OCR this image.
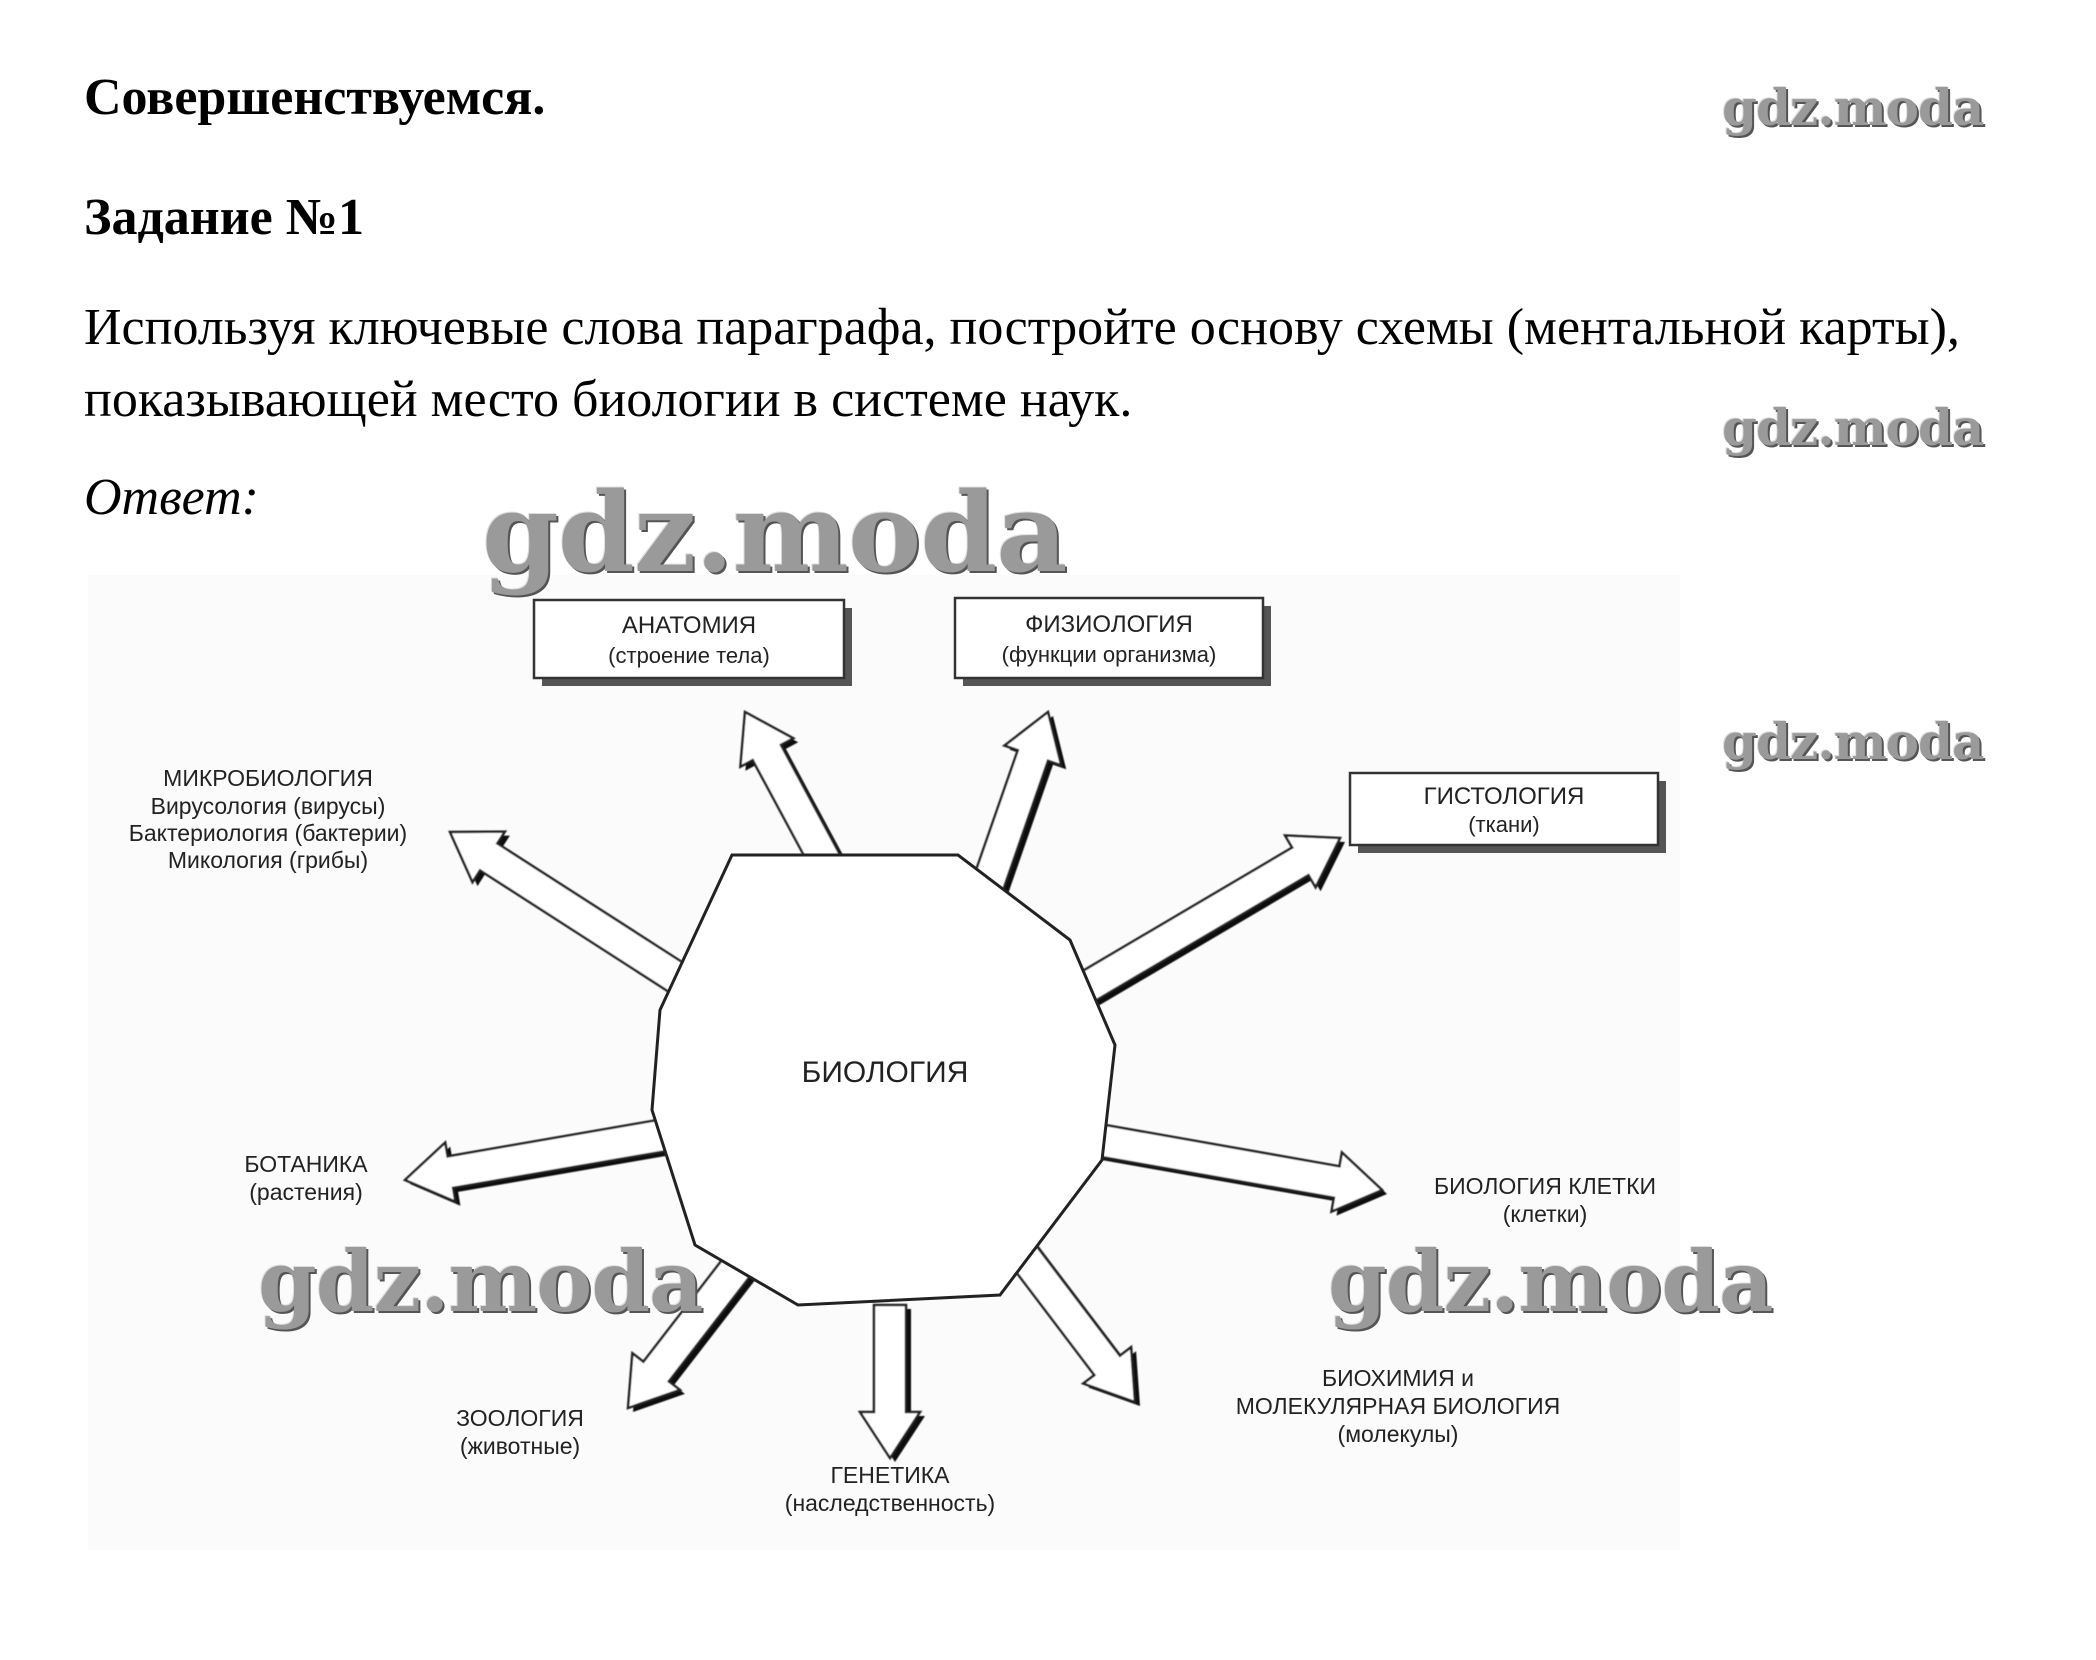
Совершенствуемся.

Задание №1

Используя ключевые слова параграфа, постройте основу схемы (ментальной карты), показывающей место биологии в системе наук.

Ответ:
БИОЛОГИЯ
АНАТОМИЯ
(строение тела)
ФИЗИОЛОГИЯ
(функции организма)
ГИСТОЛОГИЯ
(ткани)
МИКРОБИОЛОГИЯ
Вирусология (вирусы)
Бактериология (бактерии)
Микология (грибы)
БОТАНИКА
(растения)	БИОЛОГИЯ КЛЕТКИ
(клетки)
ЗООЛОГИЯ
(животные)
ГЕНЕТИКА
(наследственность)
БИОХИМИЯ и
МОЛЕКУЛЯРНАЯ БИОЛОГИЯ
(молекулы)
gdz.moda
gdz.moda
gdz.moda
gdz.moda
gdz.moda	gdz.moda
